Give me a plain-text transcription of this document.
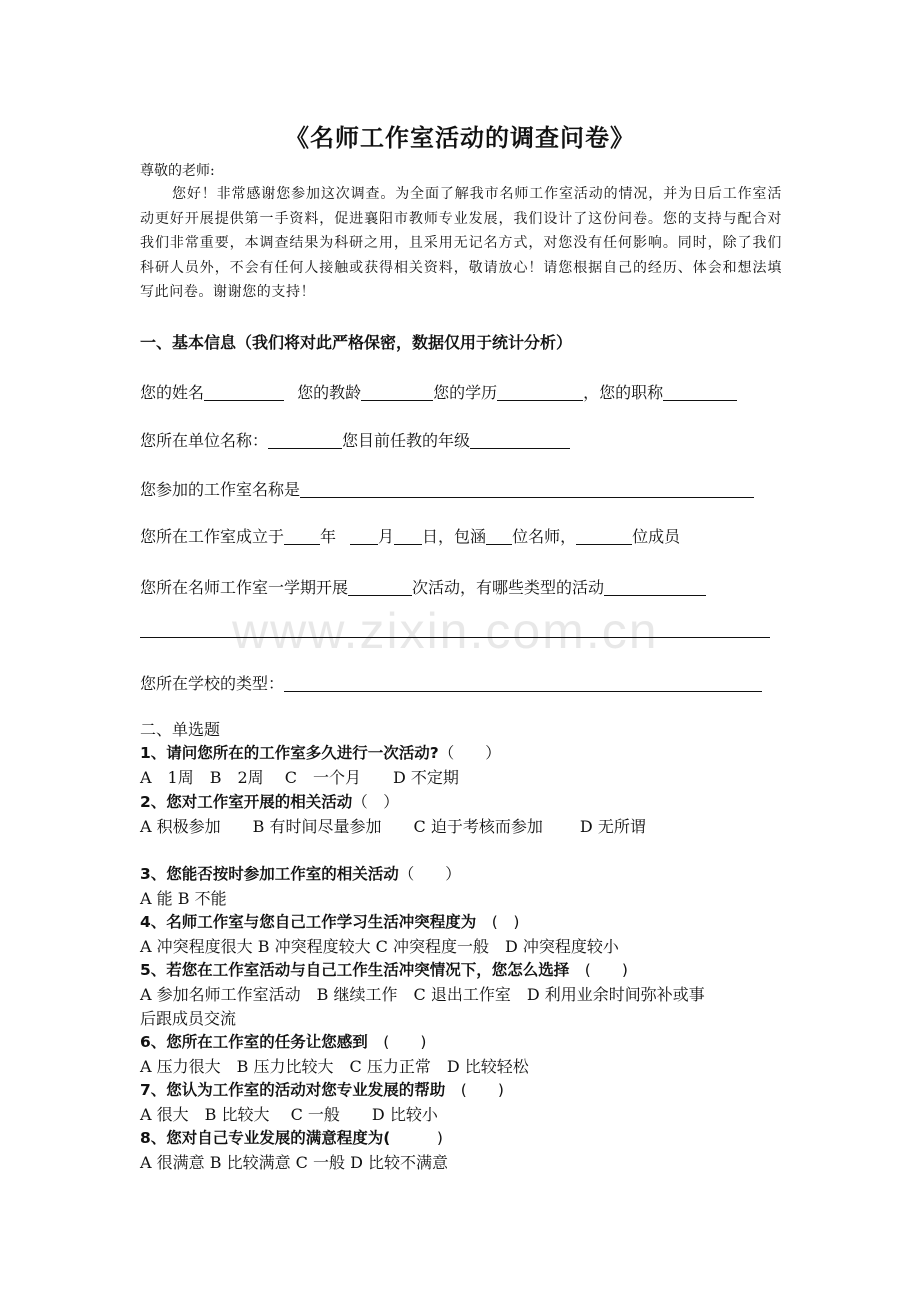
www.zixin.com.cn
《名师工作室活动的调查问卷》
尊敬的老师:
您好！非常感谢您参加这次调查。为全面了解我市名师工作室活动的情况，并为日后工作室活动更好开展提供第一手资料，促进襄阳市教师专业发展，我们设计了这份问卷。您的支持与配合对我们非常重要，本调查结果为科研之用，且采用无记名方式，对您没有任何影响。同时，除了我们科研人员外，不会有任何人接触或获得相关资料，敬请放心！请您根据自己的经历、体会和想法填写此问卷。谢谢您的支持！
一、基本信息（我们将对此严格保密，数据仅用于统计分析）
您的姓名	您的教龄	您的学历	，您的职称
您所在单位名称：	您目前任教的年级
您参加的工作室名称是
您所在工作室成立于 年	月 日，包涵 位名师，	位成员
您所在名师工作室一学期开展	次活动，有哪些类型的活动
您所在学校的类型：
二、单选题
1、请问您所在的工作室多久进行一次活动?（　　）
A　1周　B　2周　 C　一个月　　D 不定期
2、您对工作室开展的相关活动（　）
A 积极参加　　B 有时间尽量参加　　C 迫于考核而参加　　 D 无所谓
3、您能否按时参加工作室的相关活动（　　）
A 能 B 不能
4、名师工作室与您自己工作学习生活冲突程度为　(　)
A 冲突程度很大 B 冲突程度较大 C 冲突程度一般　D 冲突程度较小
5、若您在工作室活动与自己工作生活冲突情况下，您怎么选择　(　　)
A 参加名师工作室活动　B 继续工作　C 退出工作室　D 利用业余时间弥补或事
后跟成员交流
6、您所在工作室的任务让您感到　(　　)
A 压力很大　B 压力比较大　C 压力正常　D 比较轻松
7、您认为工作室的活动对您专业发展的帮助　(　　)
A 很大　B 比较大　 C 一般　　D 比较小
8、您对自己专业发展的满意程度为(　　　)
A 很满意 B 比较满意 C 一般 D 比较不满意
